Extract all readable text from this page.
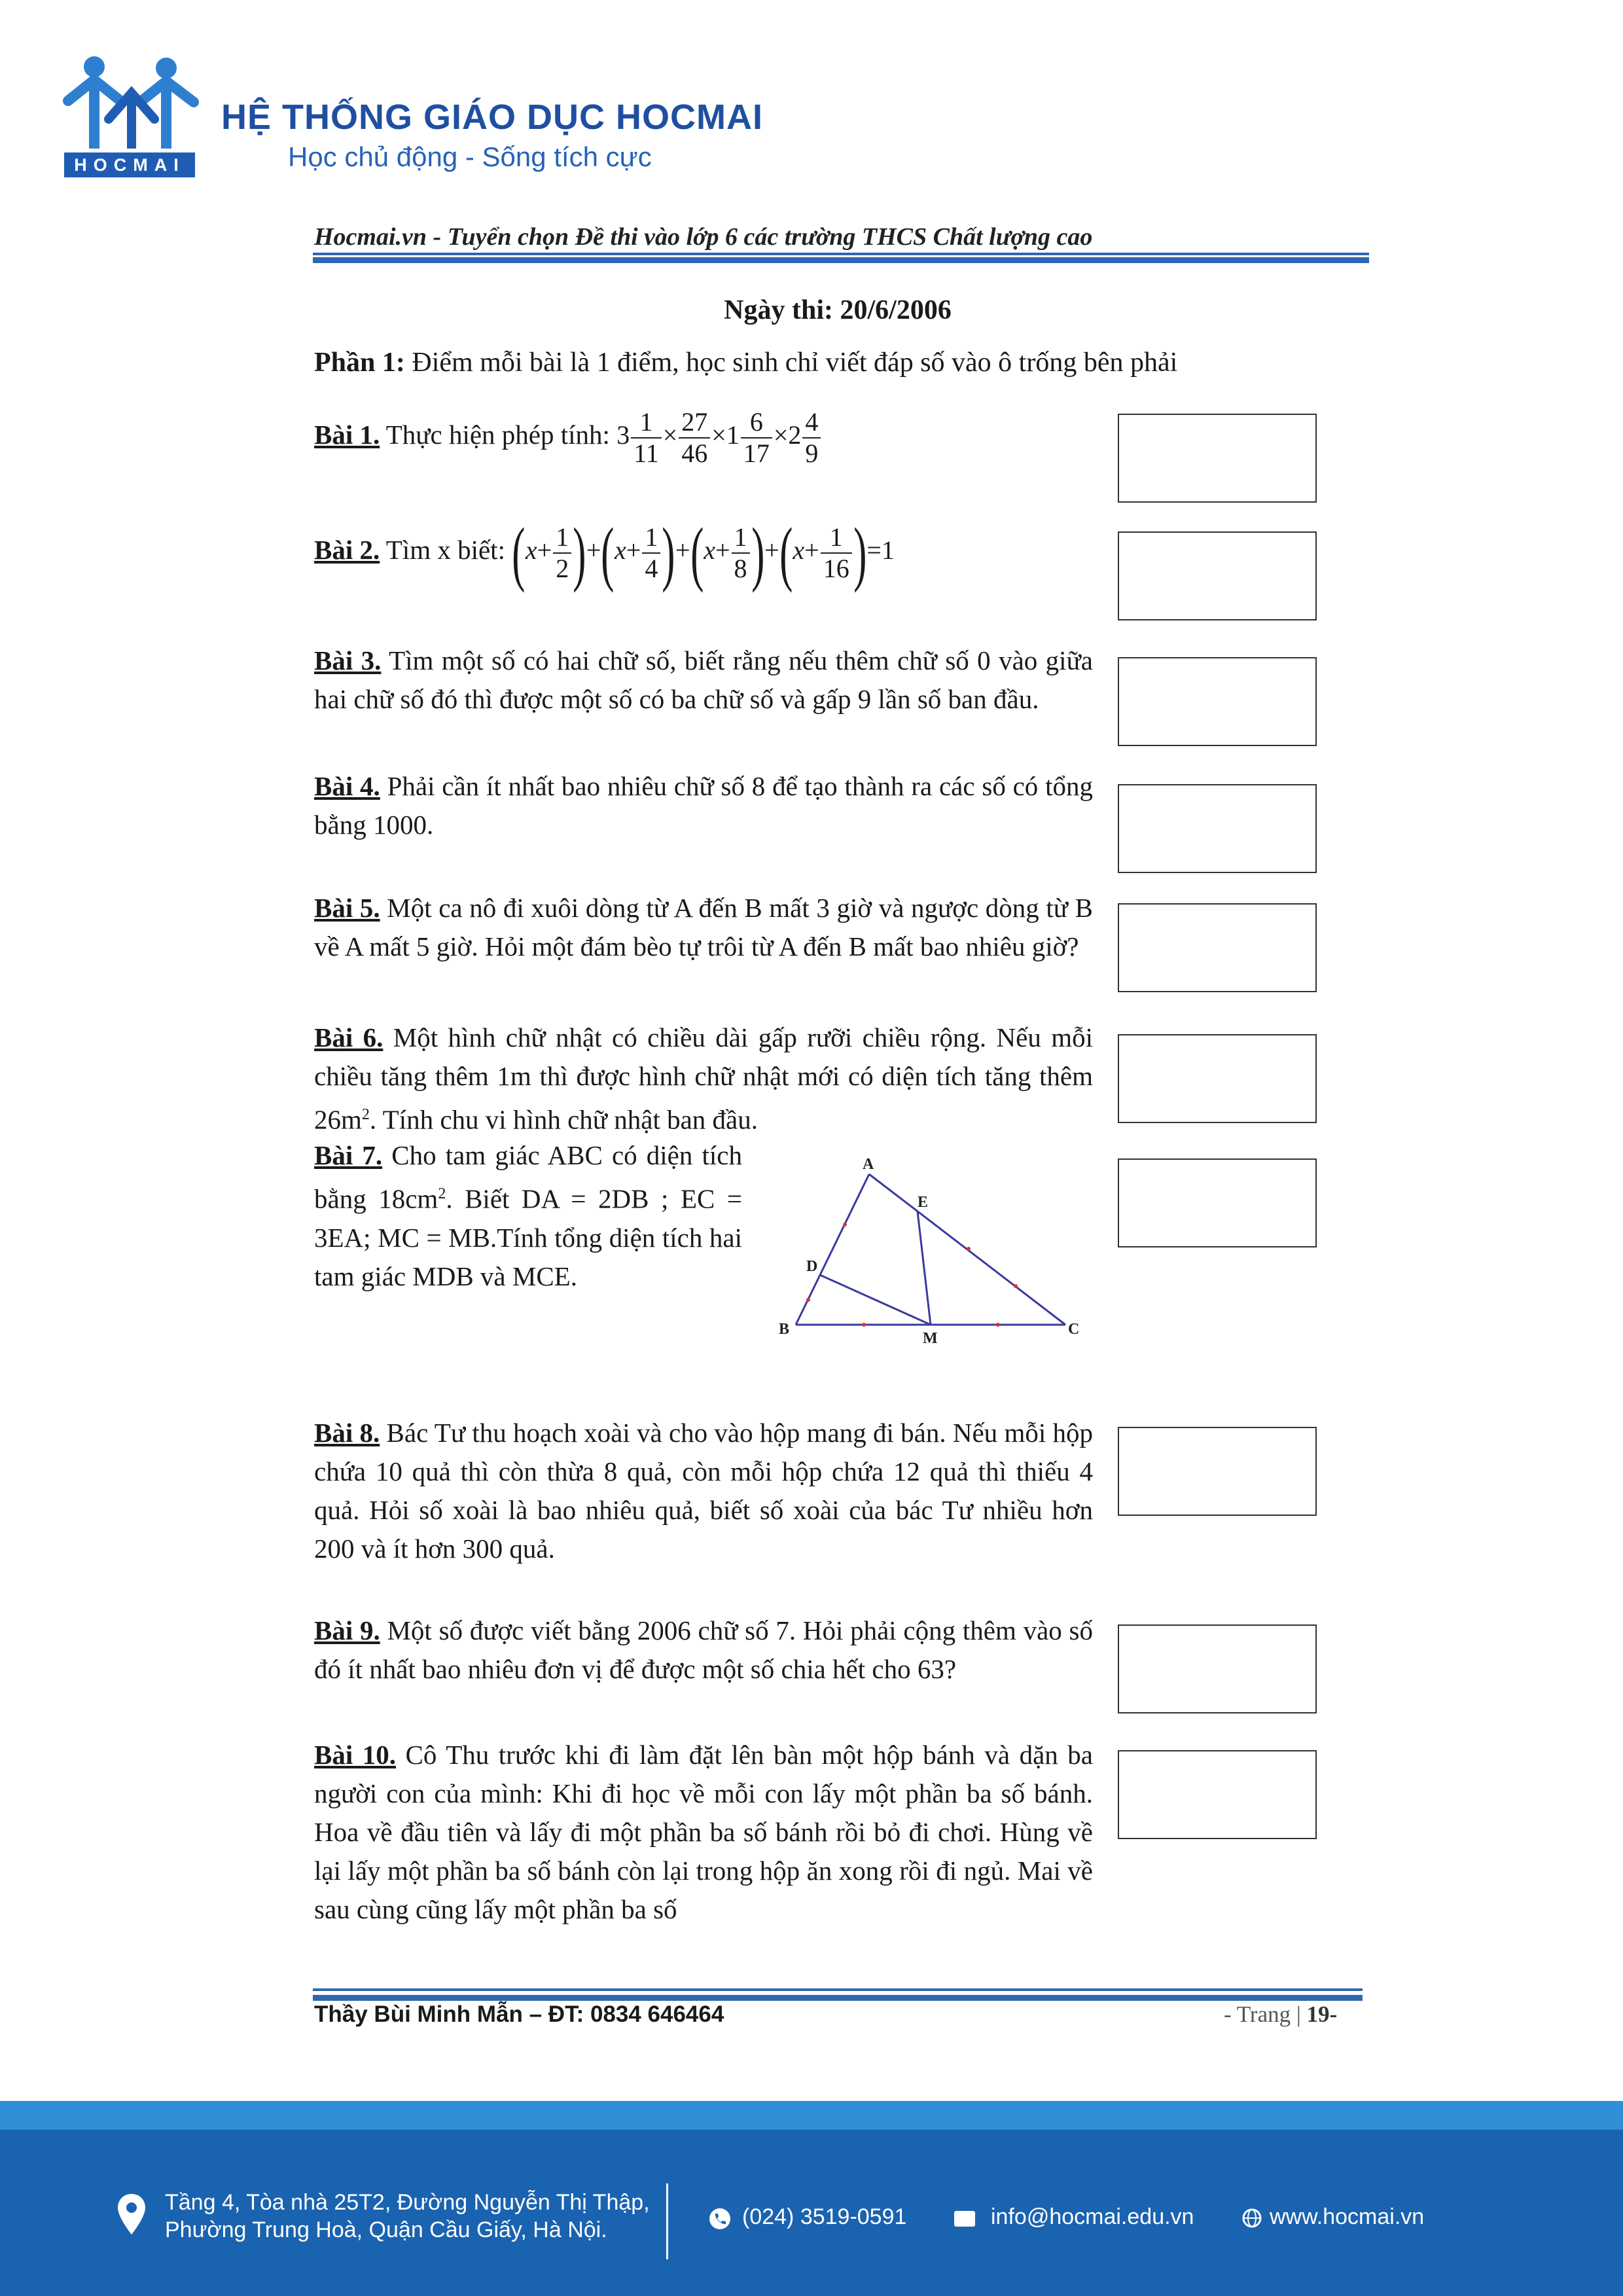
HOCMAI
HỆ THỐNG GIÁO DỤC HOCMAI
Học chủ động - Sống tích cực
Hocmai.vn - Tuyển chọn Đề thi vào lớp 6 các trường THCS Chất lượng cao
Ngày thi: 20/6/2006
Phần 1: Điểm mỗi bài là 1 điểm, học sinh chỉ viết đáp số vào ô trống bên phải
Bài 1. Thực hiện phép tính: $3 \frac{1}{11} \times \frac{27}{46} \times 1 \frac{6}{17} \times 2 \frac{4}{9}$
Bài 2. Tìm x biết: $(x+ \frac{1}{2} )+(x+ \frac{1}{4} )+(x+ \frac{1}{8} )+(x+ \frac{1}{16} )=1$
Bài 3. Tìm một số có hai chữ số, biết rằng nếu thêm chữ số 0 vào giữa hai chữ số đó thì được một số có ba chữ số và gấp 9 lần số ban đầu.
Bài 4. Phải cần ít nhất bao nhiêu chữ số 8 để tạo thành ra các số có tổng bằng 1000.
Bài 5. Một ca nô đi xuôi dòng từ A đến B mất 3 giờ và ngược dòng từ B về A mất 5 giờ. Hỏi một đám bèo tự trôi từ A đến B mất bao nhiêu giờ?
Bài 6. Một hình chữ nhật có chiều dài gấp rưỡi chiều rộng. Nếu mỗi chiều tăng thêm 1m thì được hình chữ nhật mới có diện tích tăng thêm $26m^2$. Tính chu vi hình chữ nhật ban đầu.
Bài 7. Cho tam giác ABC có diện tích bằng $18cm^2$. Biết DA = 2DB ; EC = 3EA; MC = MB.Tính tổng diện tích hai tam giác MDB và MCE.
A
E
D
B
M
C
Bài 8. Bác Tư thu hoạch xoài và cho vào hộp mang đi bán. Nếu mỗi hộp chứa 10 quả thì còn thừa 8 quả, còn mỗi hộp chứa 12 quả thì thiếu 4 quả. Hỏi số xoài là bao nhiêu quả, biết số xoài của bác Tư nhiều hơn 200 và ít hơn 300 quả.
Bài 9. Một số được viết bằng 2006 chữ số 7. Hỏi phải cộng thêm vào số đó ít nhất bao nhiêu đơn vị để được một số chia hết cho 63?
Bài 10. Cô Thu trước khi đi làm đặt lên bàn một hộp bánh và dặn ba người con của mình: Khi đi học về mỗi con lấy một phần ba số bánh. Hoa về đầu tiên và lấy đi một phần ba số bánh rồi bỏ đi chơi. Hùng về lại lấy một phần ba số bánh còn lại trong hộp ăn xong rồi đi ngủ. Mai về sau cùng cũng lấy một phần ba số
Thầy Bùi Minh Mẫn – ĐT: 0834 646464	- Trang | 19-
Tầng 4, Tòa nhà 25T2, Đường Nguyễn Thị Thập,
Phường Trung Hoà, Quận Cầu Giấy, Hà Nội.
(024) 3519-0591	info@hocmai.edu.vn	www.hocmai.vn
